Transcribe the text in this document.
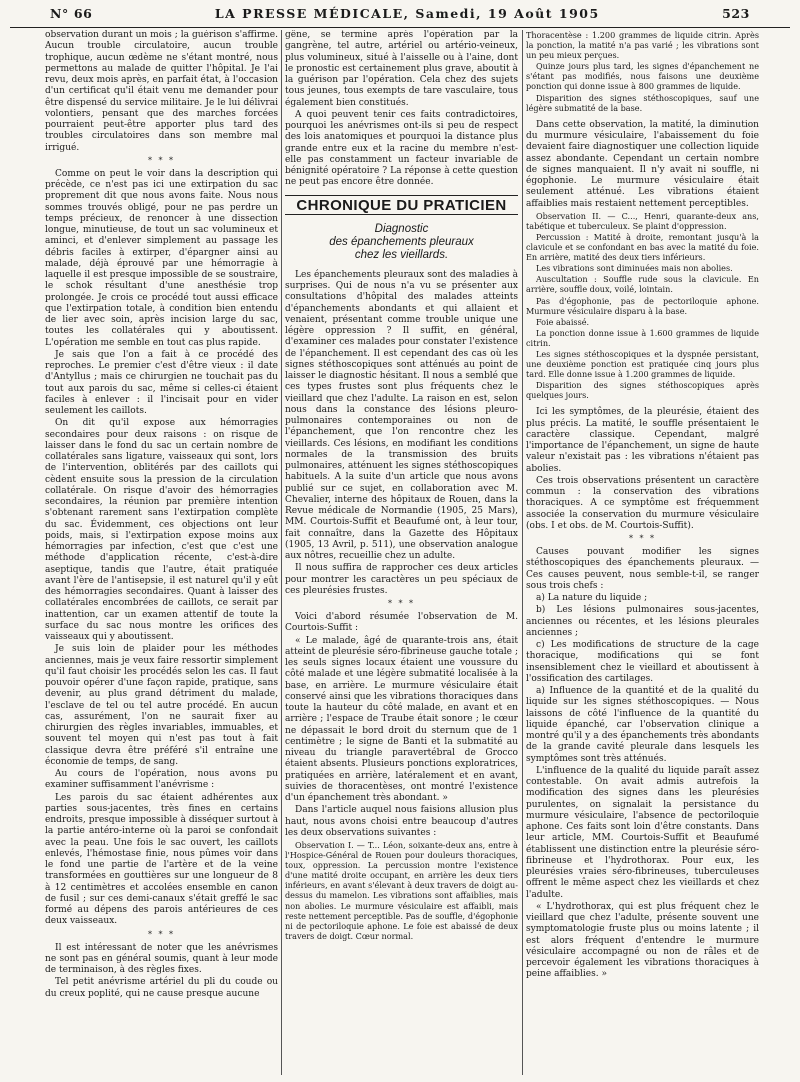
N° 66	LA PRESSE MÉDICALE, Samedi, 19 Août 1905	523

observation durant un mois ; la guérison s'affirme. Aucun trouble circulatoire, aucun trouble trophique, aucun œdème ne s'étant montré, nous permettons au malade de quitter l'hôpital. Je l'ai revu, deux mois après, en parfait état, à l'occasion d'un certificat qu'il était venu me demander pour être dispensé du service militaire. Je le lui délivrai volontiers, pensant que des marches forcées pourraient peut-être apporter plus tard des troubles circulatoires dans son membre mal irrigué.

* * *

Comme on peut le voir dans la description qui précède, ce n'est pas ici une extirpation du sac proprement dit que nous avons faite. Nous nous sommes trouvés obligé, pour ne pas perdre un temps précieux, de renoncer à une dissection longue, minutieuse, de tout un sac volumineux et aminci, et d'enlever simplement au passage les débris faciles à extirper, d'épargner ainsi au malade, déjà éprouvé par une hémorragie à laquelle il est presque impossible de se soustraire, le schok résultant d'une anesthésie trop prolongée. Je crois ce procédé tout aussi efficace que l'extirpation totale, à condition bien entendu de lier avec soin, après incision large du sac, toutes les collatérales qui y aboutissent. L'opération me semble en tout cas plus rapide.

Je sais que l'on a fait à ce procédé des reproches. Le premier c'est d'être vieux : il date d'Antyllus ; mais ce chirurgien ne touchait pas du tout aux parois du sac, même si celles-ci étaient faciles à enlever : il l'incisait pour en vider seulement les caillots.

On dit qu'il expose aux hémorragies secondaires pour deux raisons : on risque de laisser dans le fond du sac un certain nombre de collatérales sans ligature, vaisseaux qui sont, lors de l'intervention, oblitérés par des caillots qui cèdent ensuite sous la pression de la circulation collatérale. On risque d'avoir des hémorragies secondaires, la réunion par première intention s'obtenant rarement sans l'extirpation complète du sac. Évidemment, ces objections ont leur poids, mais, si l'extirpation expose moins aux hémorragies par infection, c'est que c'est une méthode d'application récente, c'est-à-dire aseptique, tandis que l'autre, était pratiquée avant l'ère de l'antisepsie, il est naturel qu'il y eût des hémorragies secondaires. Quant à laisser des collatérales encombrées de caillots, ce serait par inattention, car un examen attentif de toute la surface du sac nous montre les orifices des vaisseaux qui y aboutissent.

Je suis loin de plaider pour les méthodes anciennes, mais je veux faire ressortir simplement qu'il faut choisir les procédés selon les cas. Il faut pouvoir opérer d'une façon rapide, pratique, sans devenir, au plus grand détriment du malade, l'esclave de tel ou tel autre procédé. En aucun cas, assurément, l'on ne saurait fixer au chirurgien des règles invariables, immuables, et souvent tel moyen qui n'est pas tout à fait classique devra être préféré s'il entraîne une économie de temps, de sang.

Au cours de l'opération, nous avons pu examiner suffisamment l'anévrisme :

Les parois du sac étaient adhérentes aux parties sous-jacentes, très fines en certains endroits, presque impossible à disséquer surtout à la partie antéro-interne où la paroi se confondait avec la peau. Une fois le sac ouvert, les caillots enlevés, l'hémostase finie, nous pûmes voir dans le fond une partie de l'artère et de la veine transformées en gouttières sur une longueur de 8 à 12 centimètres et accolées ensemble en canon de fusil ; sur ces demi-canaux s'était greffé le sac formé au dépens des parois antérieures de ces deux vaisseaux.

* * *

Il est intéressant de noter que les anévrismes ne sont pas en général soumis, quant à leur mode de terminaison, à des règles fixes.

Tel petit anévrisme artériel du pli du coude ou du creux poplité, qui ne cause presque aucune

gêne, se termine après l'opération par la gangrène, tel autre, artériel ou artério-veineux, plus volumineux, situé à l'aisselle ou à l'aine, dont le pronostic est certainement plus grave, aboutit à la guérison par l'opération. Cela chez des sujets tous jeunes, tous exempts de tare vasculaire, tous également bien constitués.

A quoi peuvent tenir ces faits contradictoires, pourquoi les anévrismes ont-ils si peu de respect des lois anatomiques et pourquoi la distance plus grande entre eux et la racine du membre n'est-elle pas constamment un facteur invariable de bénignité opératoire ? La réponse à cette question ne peut pas encore être donnée.

CHRONIQUE DU PRATICIEN
Diagnostic
des épanchements pleuraux
chez les vieillards.

Les épanchements pleuraux sont des maladies à surprises. Qui de nous n'a vu se présenter aux consultations d'hôpital des malades atteints d'épanchements abondants et qui allaient et venaient, présentant comme trouble unique une légère oppression ? Il suffit, en général, d'examiner ces malades pour constater l'existence de l'épanchement. Il est cependant des cas où les signes stéthoscopiques sont atténués au point de laisser le diagnostic hésitant. Il nous a semblé que ces types frustes sont plus fréquents chez le vieillard que chez l'adulte. La raison en est, selon nous dans la constance des lésions pleuro-pulmonaires contemporaines ou non de l'épanchement, que l'on rencontre chez les vieillards. Ces lésions, en modifiant les conditions normales de la transmission des bruits pulmonaires, atténuent les signes stéthoscopiques habituels. A la suite d'un article que nous avons publié sur ce sujet, en collaboration avec M. Chevalier, interne des hôpitaux de Rouen, dans la Revue médicale de Normandie (1905, 25 Mars), MM. Courtois-Suffit et Beaufumé ont, à leur tour, fait connaître, dans la Gazette des Hôpitaux (1905, 13 Avril, p. 511), une observation analogue aux nôtres, recueillie chez un adulte.

Il nous suffira de rapprocher ces deux articles pour montrer les caractères un peu spéciaux de ces pleurésies frustes.

* * *

Voici d'abord résumée l'observation de M. Courtois-Suffit :

« Le malade, âgé de quarante-trois ans, était atteint de pleurésie séro-fibrineuse gauche totale ; les seuls signes locaux étaient une voussure du côté malade et une légère submatité localisée à la base, en arrière. Le murmure vésiculaire était conservé ainsi que les vibrations thoraciques dans toute la hauteur du côté malade, en avant et en arrière ; l'espace de Traube était sonore ; le cœur ne dépassait le bord droit du sternum que de 1 centimètre ; le signe de Banti et la submatité au niveau du triangle paravertébral de Grocco étaient absents. Plusieurs ponctions exploratrices, pratiquées en arrière, latéralement et en avant, suivies de thoracentèses, ont montré l'existence d'un épanchement très abondant. »

Dans l'article auquel nous faisions allusion plus haut, nous avons choisi entre beaucoup d'autres les deux observations suivantes :

Observation I. — T... Léon, soixante-deux ans, entre à l'Hospice-Général de Rouen pour douleurs thoraciques, toux, oppression. La percussion montre l'existence d'une matité droite occupant, en arrière les deux tiers inférieurs, en avant s'élevant à deux travers de doigt au-dessus du mamelon. Les vibrations sont affaiblies, mais non abolies. Le murmure vésiculaire est affaibli, mais reste nettement perceptible. Pas de souffle, d'égophonie ni de pectoriloquie aphone. Le foie est abaissé de deux travers de doigt. Cœur normal.

Thoracentèse : 1.200 grammes de liquide citrin. Après la ponction, la matité n'a pas varié ; les vibrations sont un peu mieux perçues.

Quinze jours plus tard, les signes d'épanchement ne s'étant pas modifiés, nous faisons une deuxième ponction qui donne issue à 800 grammes de liquide.

Disparition des signes stéthoscopiques, sauf une légère submatité de la base.

Dans cette observation, la matité, la diminution du murmure vésiculaire, l'abaissement du foie devaient faire diagnostiquer une collection liquide assez abondante. Cependant un certain nombre de signes manquaient. Il n'y avait ni souffle, ni égophonie. Le murmure vésiculaire était seulement atténué. Les vibrations étaient affaiblies mais restaient nettement perceptibles.

Observation II. — C..., Henri, quarante-deux ans, tabétique et tuberculeux. Se plaint d'oppression.

Percussion : Matité à droite, remontant jusqu'à la clavicule et se confondant en bas avec la matité du foie. En arrière, matité des deux tiers inférieurs.

Les vibrations sont diminuées mais non abolies.

Auscultation : Souffle rude sous la clavicule. En arrière, souffle doux, voilé, lointain.

Pas d'égophonie, pas de pectoriloquie aphone. Murmure vésiculaire disparu à la base.

Foie abaissé.

La ponction donne issue à 1.600 grammes de liquide citrin.

Les signes stéthoscopiques et la dyspnée persistant, une deuxième ponction est pratiquée cinq jours plus tard. Elle donne issue à 1.200 grammes de liquide.

Disparition des signes stéthoscopiques après quelques jours.

Ici les symptômes, de la pleurésie, étaient des plus précis. La matité, le souffle présentaient le caractère classique. Cependant, malgré l'importance de l'épanchement, un signe de haute valeur n'existait pas : les vibrations n'étaient pas abolies.

Ces trois observations présentent un caractère commun : la conservation des vibrations thoraciques. A ce symptôme est fréquemment associée la conservation du murmure vésiculaire (obs. I et obs. de M. Courtois-Suffit).

* * *

Causes pouvant modifier les signes stéthoscopiques des épanchements pleuraux. — Ces causes peuvent, nous semble-t-il, se ranger sous trois chefs :

a) La nature du liquide ;

b) Les lésions pulmonaires sous-jacentes, anciennes ou récentes, et les lésions pleurales anciennes ;

c) Les modifications de structure de la cage thoracique, modifications qui se font insensiblement chez le vieillard et aboutissent à l'ossification des cartilages.

a) Influence de la quantité et de la qualité du liquide sur les signes stéthoscopiques. — Nous laissons de côté l'influence de la quantité du liquide épanché, car l'observation clinique a montré qu'il y a des épanchements très abondants de la grande cavité pleurale dans lesquels les symptômes sont très atténués.

L'influence de la qualité du liquide paraît assez contestable. On avait admis autrefois la modification des signes dans les pleurésies purulentes, on signalait la persistance du murmure vésiculaire, l'absence de pectoriloquie aphone. Ces faits sont loin d'être constants. Dans leur article, MM. Courtois-Suffit et Beaufumé établissent une distinction entre la pleurésie séro-fibrineuse et l'hydrothorax. Pour eux, les pleurésies vraies séro-fibrineuses, tuberculeuses offrent le même aspect chez les vieillards et chez l'adulte.

« L'hydrothorax, qui est plus fréquent chez le vieillard que chez l'adulte, présente souvent une symptomatologie fruste plus ou moins latente ; il est alors fréquent d'entendre le murmure vésiculaire accompagné ou non de râles et de percevoir également les vibrations thoraciques à peine affaiblies. »
